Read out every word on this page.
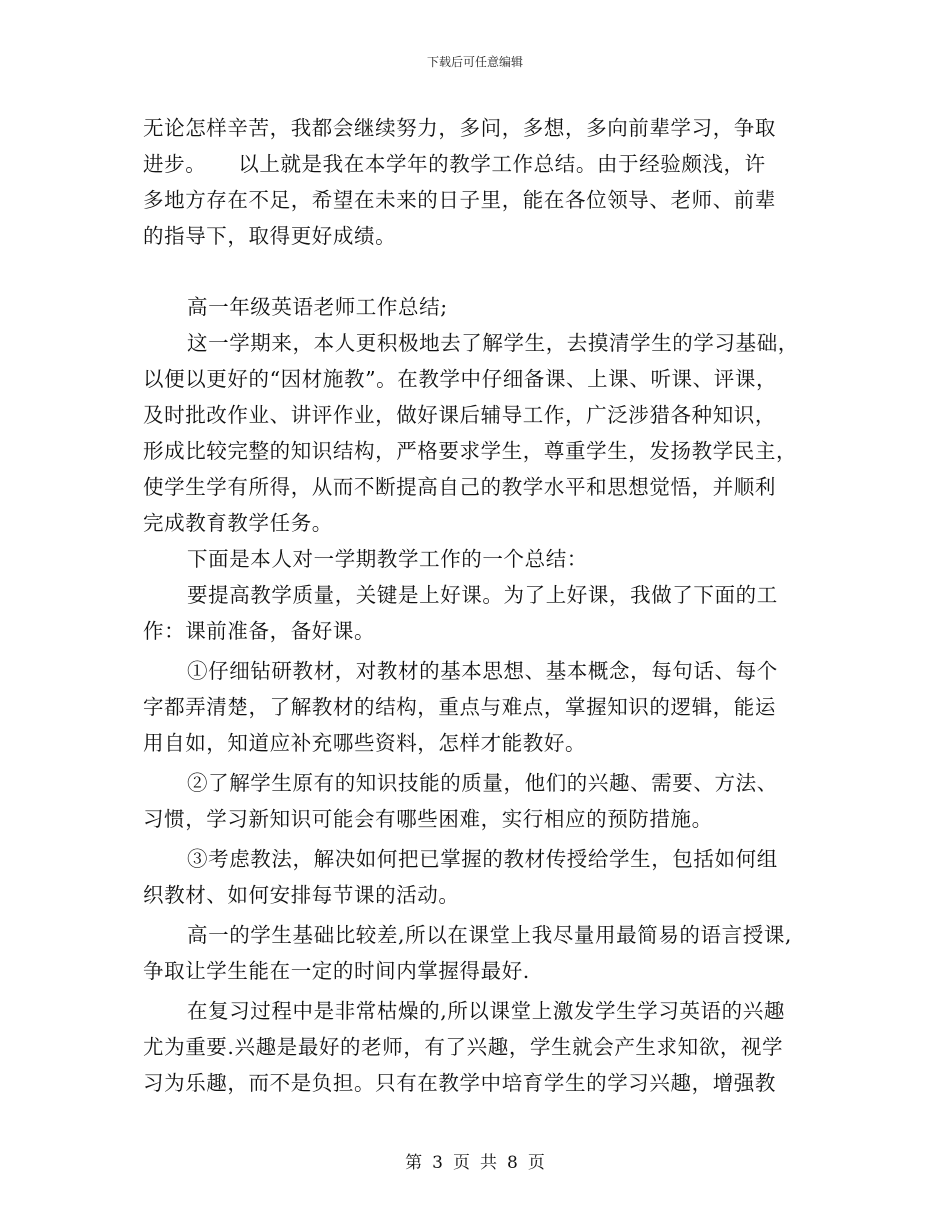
下载后可任意编辑
无论怎样辛苦，我都会继续努力，多问，多想，多向前辈学习，争取
进步。　　以上就是我在本学年的教学工作总结。由于经验颇浅，许
多地方存在不足，希望在未来的日子里，能在各位领导、老师、前辈
的指导下，取得更好成绩。
高一年级英语老师工作总结;
这一学期来，本人更积极地去了解学生，去摸清学生的学习基础，
以便以更好的“因材施教”。在教学中仔细备课、上课、听课、评课，
及时批改作业、讲评作业，做好课后辅导工作，广泛涉猎各种知识，
形成比较完整的知识结构，严格要求学生，尊重学生，发扬教学民主，
使学生学有所得，从而不断提高自己的教学水平和思想觉悟，并顺利
完成教育教学任务。
下面是本人对一学期教学工作的一个总结：
要提高教学质量，关键是上好课。为了上好课，我做了下面的工
作：课前准备，备好课。
①仔细钻研教材，对教材的基本思想、基本概念，每句话、每个
字都弄清楚，了解教材的结构，重点与难点，掌握知识的逻辑，能运
用自如，知道应补充哪些资料，怎样才能教好。
②了解学生原有的知识技能的质量，他们的兴趣、需要、方法、
习惯，学习新知识可能会有哪些困难，实行相应的预防措施。
③考虑教法，解决如何把已掌握的教材传授给学生，包括如何组
织教材、如何安排每节课的活动。
高一的学生基础比较差,所以在课堂上我尽量用最简易的语言授课,
争取让学生能在一定的时间内掌握得最好.
在复习过程中是非常枯燥的,所以课堂上激发学生学习英语的兴趣
尤为重要.兴趣是最好的老师，有了兴趣，学生就会产生求知欲，视学
习为乐趣，而不是负担。只有在教学中培育学生的学习兴趣，增强教
第 3 页 共 8 页
